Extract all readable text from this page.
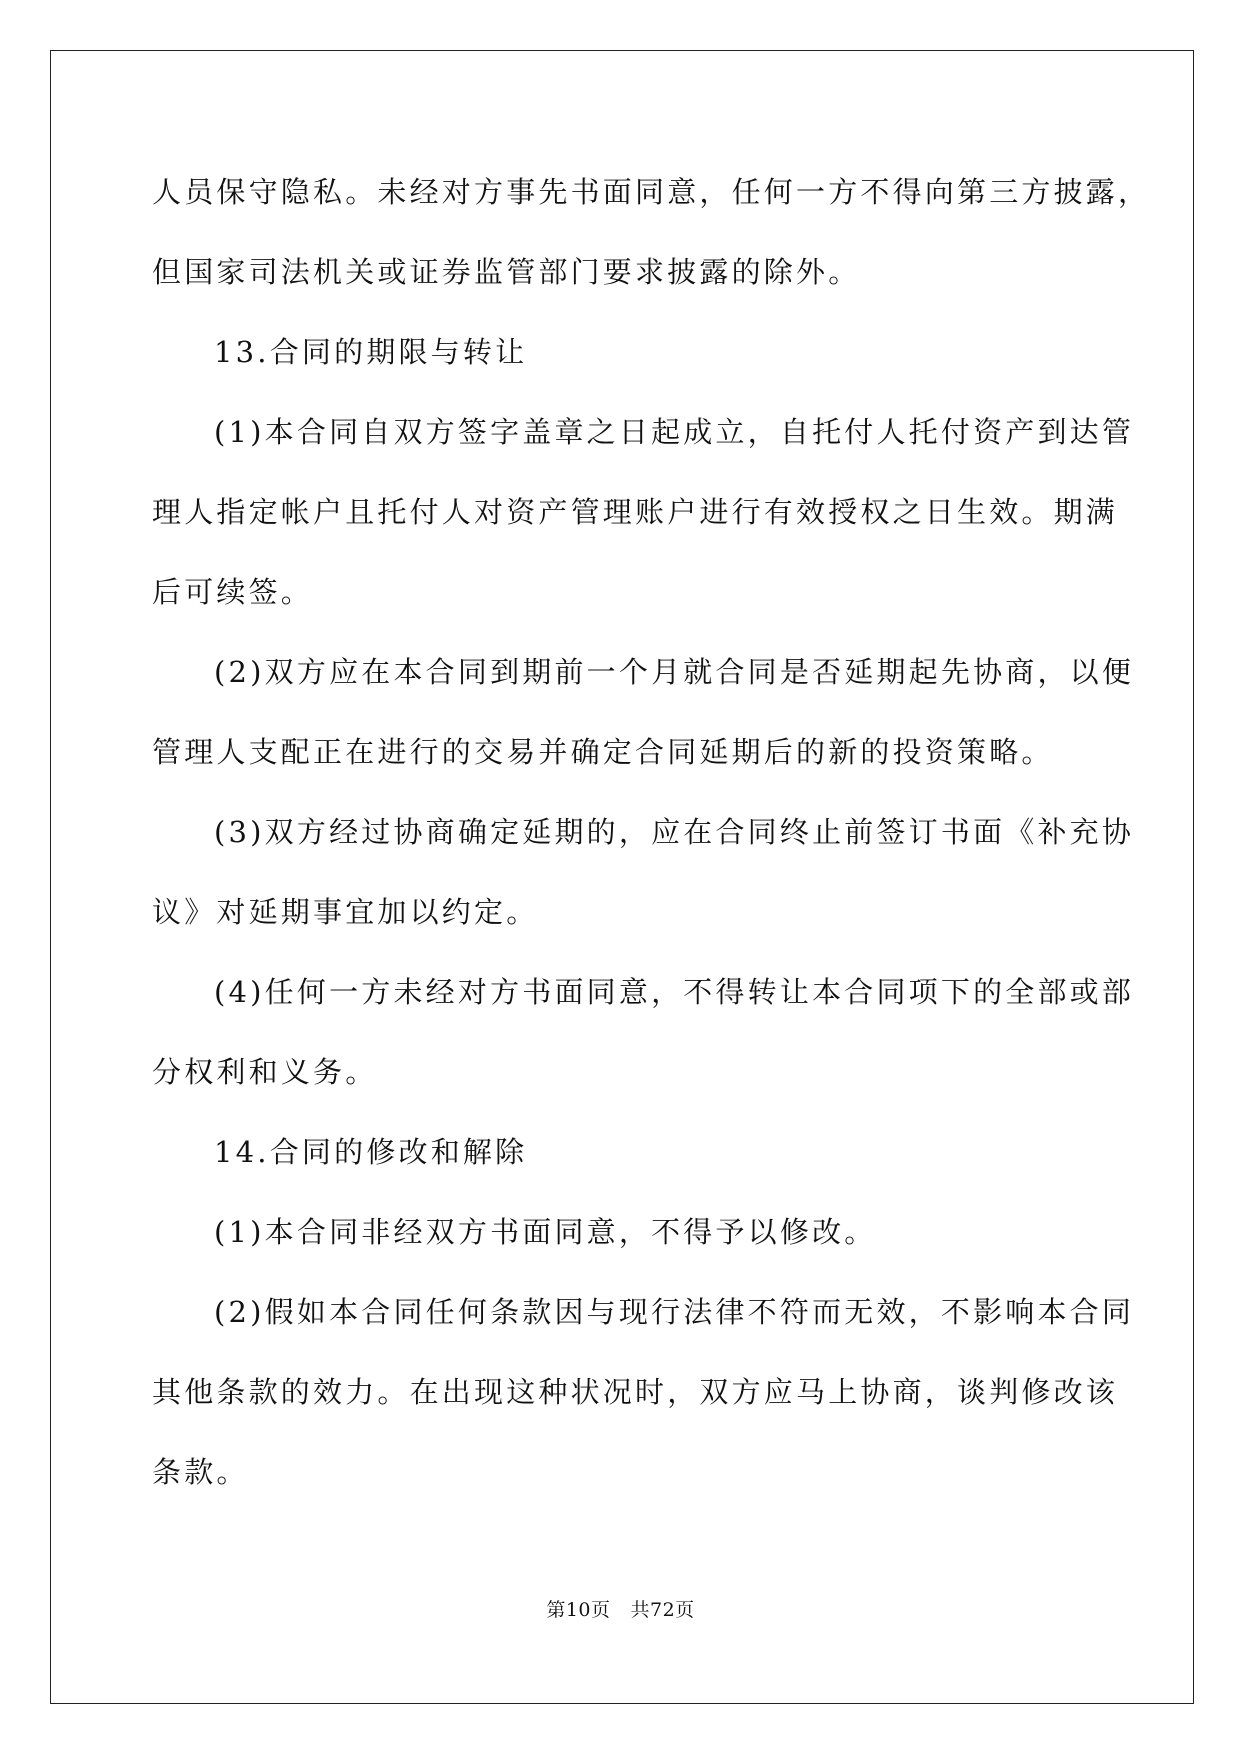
人员保守隐私。未经对方事先书面同意，任何一方不得向第三方披露，
但国家司法机关或证券监管部门要求披露的除外。
13.合同的期限与转让
(1)本合同自双方签字盖章之日起成立，自托付人托付资产到达管
理人指定帐户且托付人对资产管理账户进行有效授权之日生效。期满
后可续签。
(2)双方应在本合同到期前一个月就合同是否延期起先协商，以便
管理人支配正在进行的交易并确定合同延期后的新的投资策略。
(3)双方经过协商确定延期的，应在合同终止前签订书面《补充协
议》对延期事宜加以约定。
(4)任何一方未经对方书面同意，不得转让本合同项下的全部或部
分权利和义务。
14.合同的修改和解除
(1)本合同非经双方书面同意，不得予以修改。
(2)假如本合同任何条款因与现行法律不符而无效，不影响本合同
其他条款的效力。在出现这种状况时，双方应马上协商，谈判修改该
条款。
第10页 共72页
